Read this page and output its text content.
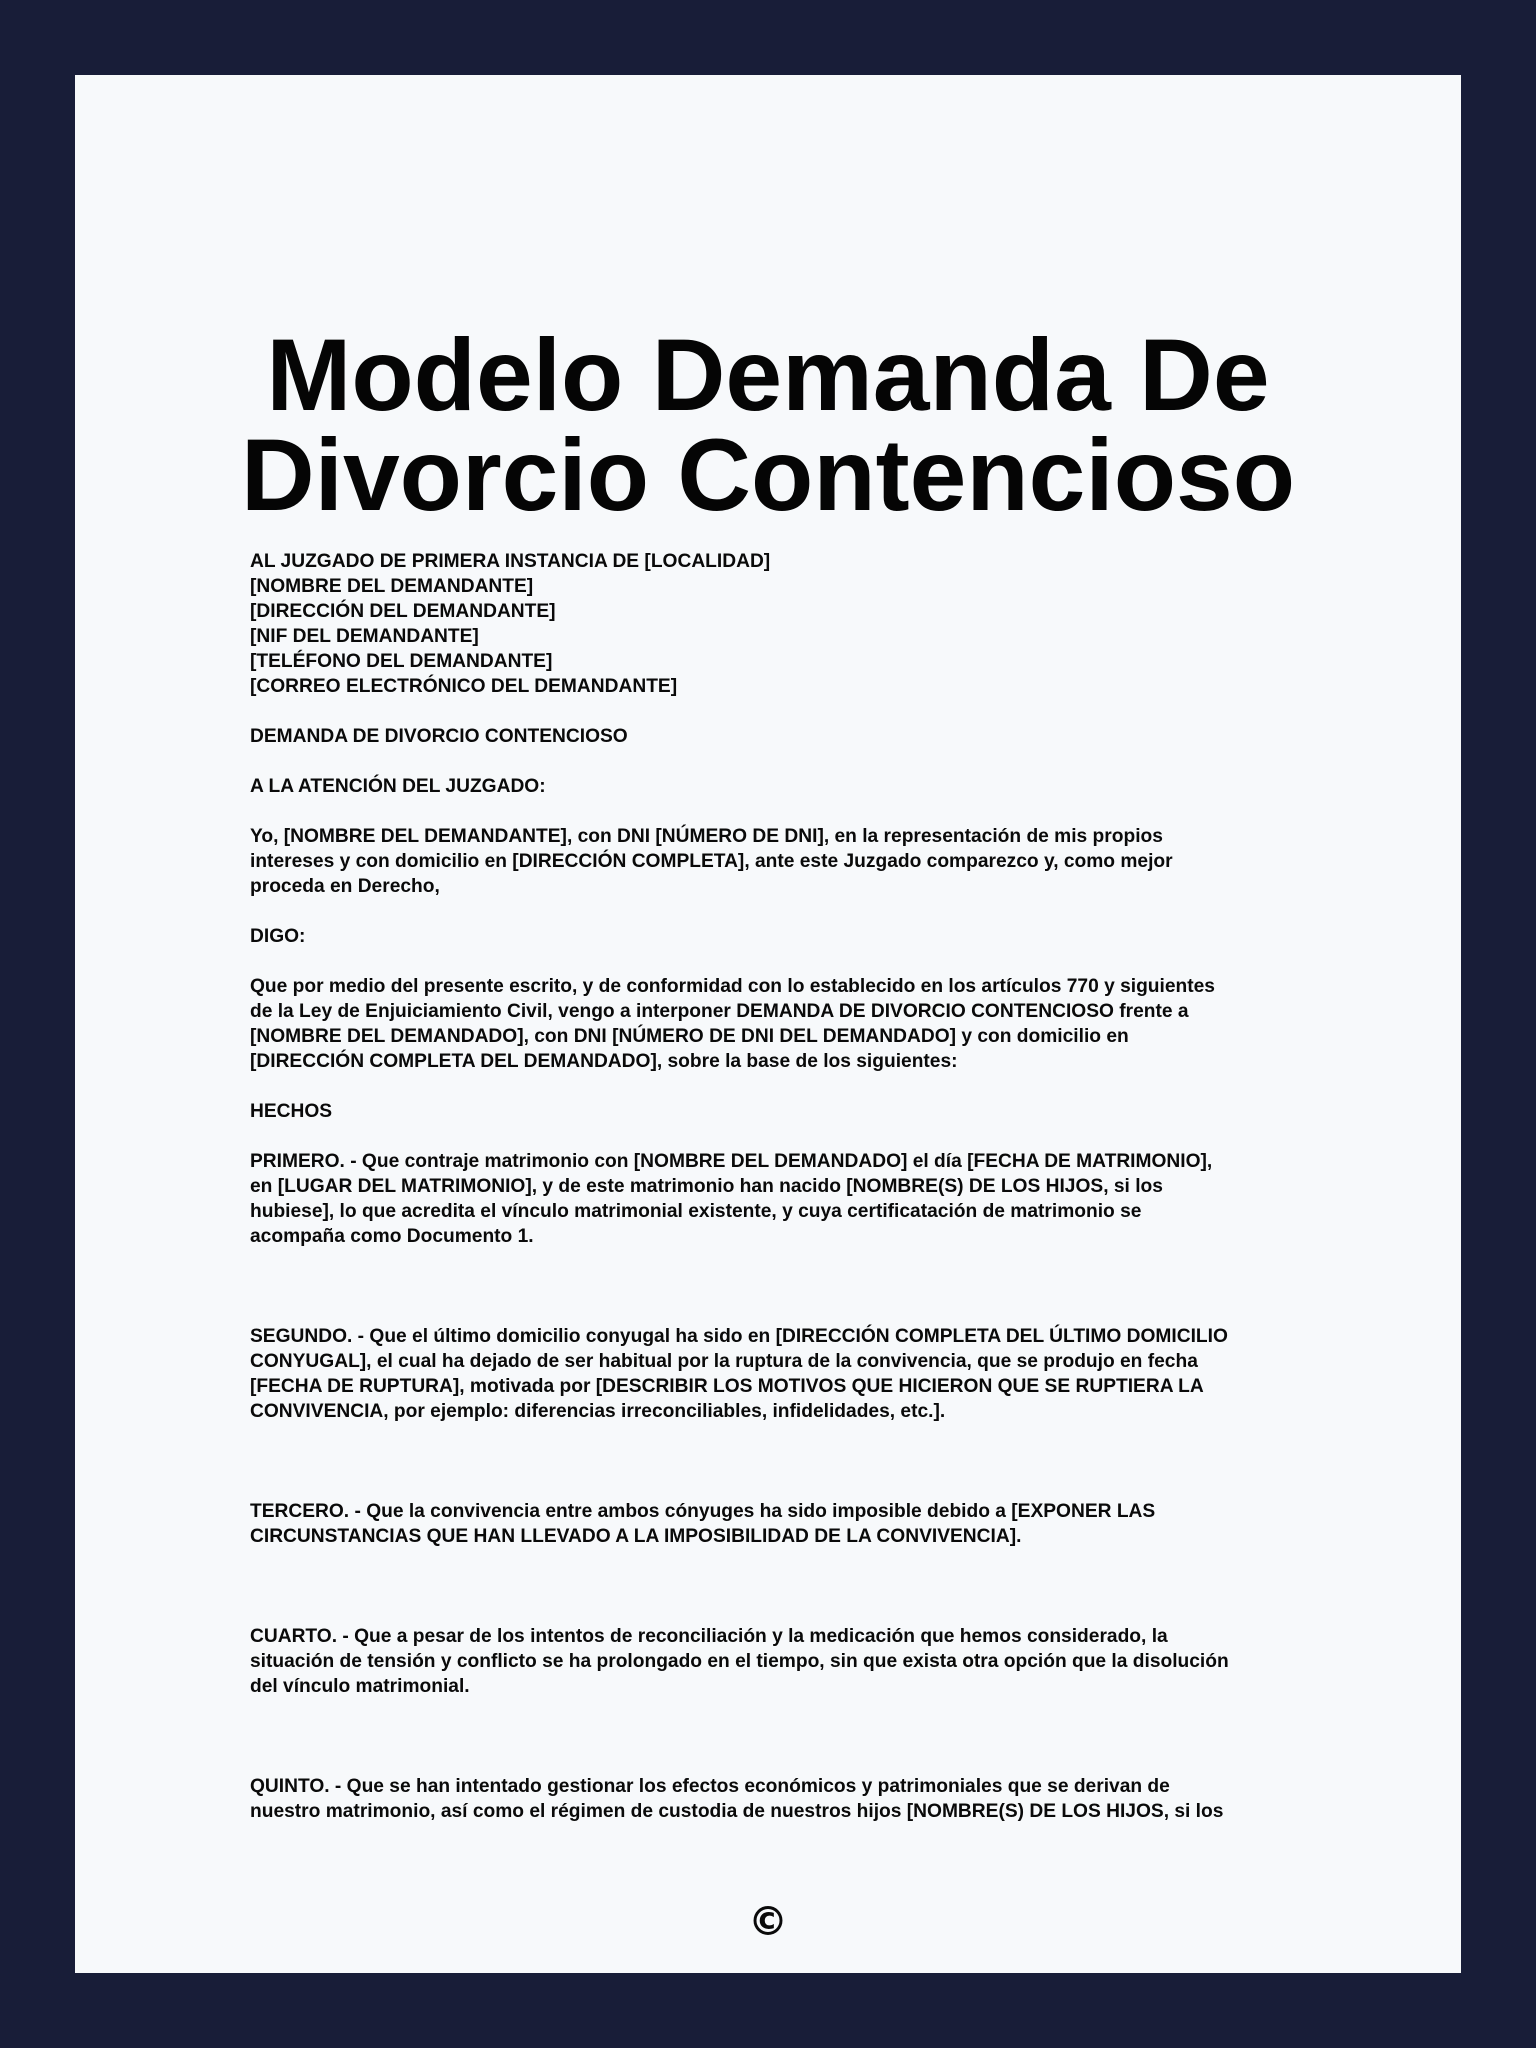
Modelo Demanda De
Divorcio Contencioso

AL JUZGADO DE PRIMERA INSTANCIA DE [LOCALIDAD]
[NOMBRE DEL DEMANDANTE]
[DIRECCIÓN DEL DEMANDANTE]
[NIF DEL DEMANDANTE]
[TELÉFONO DEL DEMANDANTE]
[CORREO ELECTRÓNICO DEL DEMANDANTE]

DEMANDA DE DIVORCIO CONTENCIOSO

A LA ATENCIÓN DEL JUZGADO:

Yo, [NOMBRE DEL DEMANDANTE], con DNI [NÚMERO DE DNI], en la representación de mis propios
intereses y con domicilio en [DIRECCIÓN COMPLETA], ante este Juzgado comparezco y, como mejor
proceda en Derecho,

DIGO:

Que por medio del presente escrito, y de conformidad con lo establecido en los artículos 770 y siguientes
de la Ley de Enjuiciamiento Civil, vengo a interponer DEMANDA DE DIVORCIO CONTENCIOSO frente a
[NOMBRE DEL DEMANDADO], con DNI [NÚMERO DE DNI DEL DEMANDADO] y con domicilio en
[DIRECCIÓN COMPLETA DEL DEMANDADO], sobre la base de los siguientes:

HECHOS

PRIMERO. - Que contraje matrimonio con [NOMBRE DEL DEMANDADO] el día [FECHA DE MATRIMONIO],
en [LUGAR DEL MATRIMONIO], y de este matrimonio han nacido [NOMBRE(S) DE LOS HIJOS, si los
hubiese], lo que acredita el vínculo matrimonial existente, y cuya certificatación de matrimonio se
acompaña como Documento 1.

SEGUNDO. - Que el último domicilio conyugal ha sido en [DIRECCIÓN COMPLETA DEL ÚLTIMO DOMICILIO
CONYUGAL], el cual ha dejado de ser habitual por la ruptura de la convivencia, que se produjo en fecha
[FECHA DE RUPTURA], motivada por [DESCRIBIR LOS MOTIVOS QUE HICIERON QUE SE RUPTIERA LA
CONVIVENCIA, por ejemplo: diferencias irreconciliables, infidelidades, etc.].

TERCERO. - Que la convivencia entre ambos cónyuges ha sido imposible debido a [EXPONER LAS
CIRCUNSTANCIAS QUE HAN LLEVADO A LA IMPOSIBILIDAD DE LA CONVIVENCIA].

CUARTO. - Que a pesar de los intentos de reconciliación y la medicación que hemos considerado, la
situación de tensión y conflicto se ha prolongado en el tiempo, sin que exista otra opción que la disolución
del vínculo matrimonial.

QUINTO. - Que se han intentado gestionar los efectos económicos y patrimoniales que se derivan de
nuestro matrimonio, así como el régimen de custodia de nuestros hijos [NOMBRE(S) DE LOS HIJOS, si los

©
